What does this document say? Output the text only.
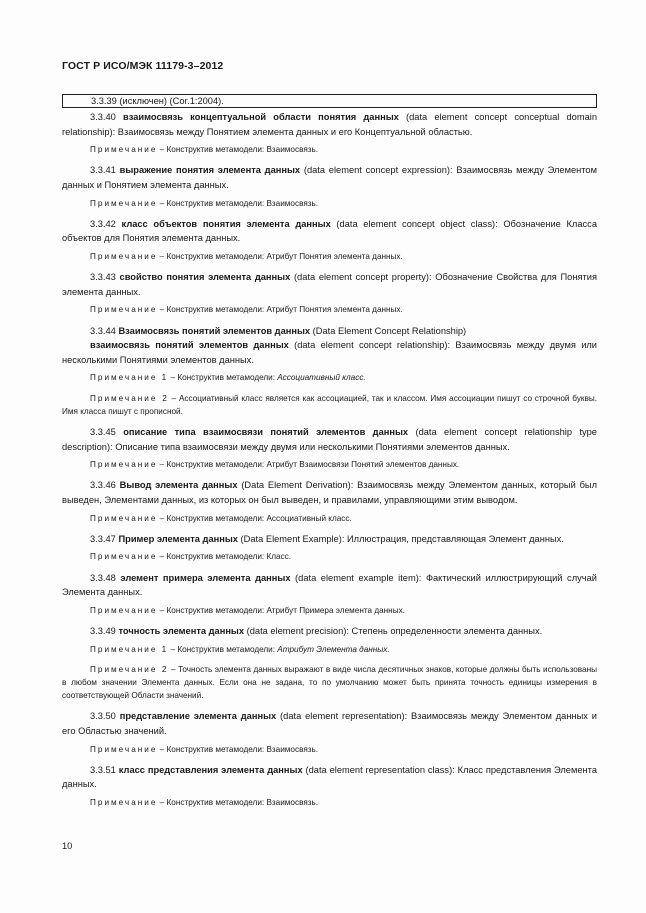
ГОСТ Р ИСО/МЭК 11179-3–2012
3.3.39 (исключен) (Cor.1:2004).

3.3.40 взаимосвязь концептуальной области понятия данных (data element concept conceptual domain relationship): Взаимосвязь между Понятием элемента данных и его Концептуальной областью.

Примечание – Конструктив метамодели: Взаимосвязь.

3.3.41 выражение понятия элемента данных (data element concept expression): Взаимосвязь между Элементом данных и Понятием элемента данных.

Примечание – Конструктив метамодели: Взаимосвязь.

3.3.42 класс объектов понятия элемента данных (data element concept object class): Обозначение Класса объектов для Понятия элемента данных.

Примечание – Конструктив метамодели: Атрибут Понятия элемента данных.

3.3.43 свойство понятия элемента данных (data element concept property): Обозначение Свойства для Понятия элемента данных.

Примечание – Конструктив метамодели: Атрибут Понятия элемента данных.

3.3.44 Взаимосвязь понятий элементов данных (Data Element Concept Relationship)

взаимосвязь понятий элементов данных (data element concept relationship): Взаимосвязь между двумя или несколькими Понятиями элементов данных.

Примечание 1 – Конструктив метамодели: Ассоциативный класс.

Примечание 2 – Ассоциативный класс является как ассоциацией, так и классом. Имя ассоциации пишут со строчной буквы. Имя класса пишут с прописной.

3.3.45 описание типа взаимосвязи понятий элементов данных (data element concept relationship type description): Описание типа взаимосвязи между двумя или несколькими Понятиями элементов данных.

Примечание – Конструктив метамодели: Атрибут Взаимосвязи Понятий элементов данных.

3.3.46 Вывод элемента данных (Data Element Derivation): Взаимосвязь между Элементом данных, который был выведен, Элементами данных, из которых он был выведен, и правилами, управляющими этим выводом.

Примечание – Конструктив метамодели: Ассоциативный класс.

3.3.47 Пример элемента данных (Data Element Example): Иллюстрация, представляющая Элемент данных.

Примечание – Конструктив метамодели: Класс.

3.3.48 элемент примера элемента данных (data element example item): Фактический иллюстрирующий случай Элемента данных.

Примечание – Конструктив метамодели: Атрибут Примера элемента данных.

3.3.49 точность элемента данных (data element precision): Степень определенности элемента данных.

Примечание 1 – Конструктив метамодели: Атрибут Элемента данных.

Примечание 2 – Точность элемента данных выражают в виде числа десятичных знаков, которые должны быть использованы в любом значении Элемента данных. Если она не задана, то по умолчанию может быть принята точность единицы измерения в соответствующей Области значений.

3.3.50 представление элемента данных (data element representation): Взаимосвязь между Элементом данных и его Областью значений.

Примечание – Конструктив метамодели: Взаимосвязь.

3.3.51 класс представления элемента данных (data element representation class): Класс представления Элемента данных.

Примечание – Конструктив метамодели: Взаимосвязь.

10
